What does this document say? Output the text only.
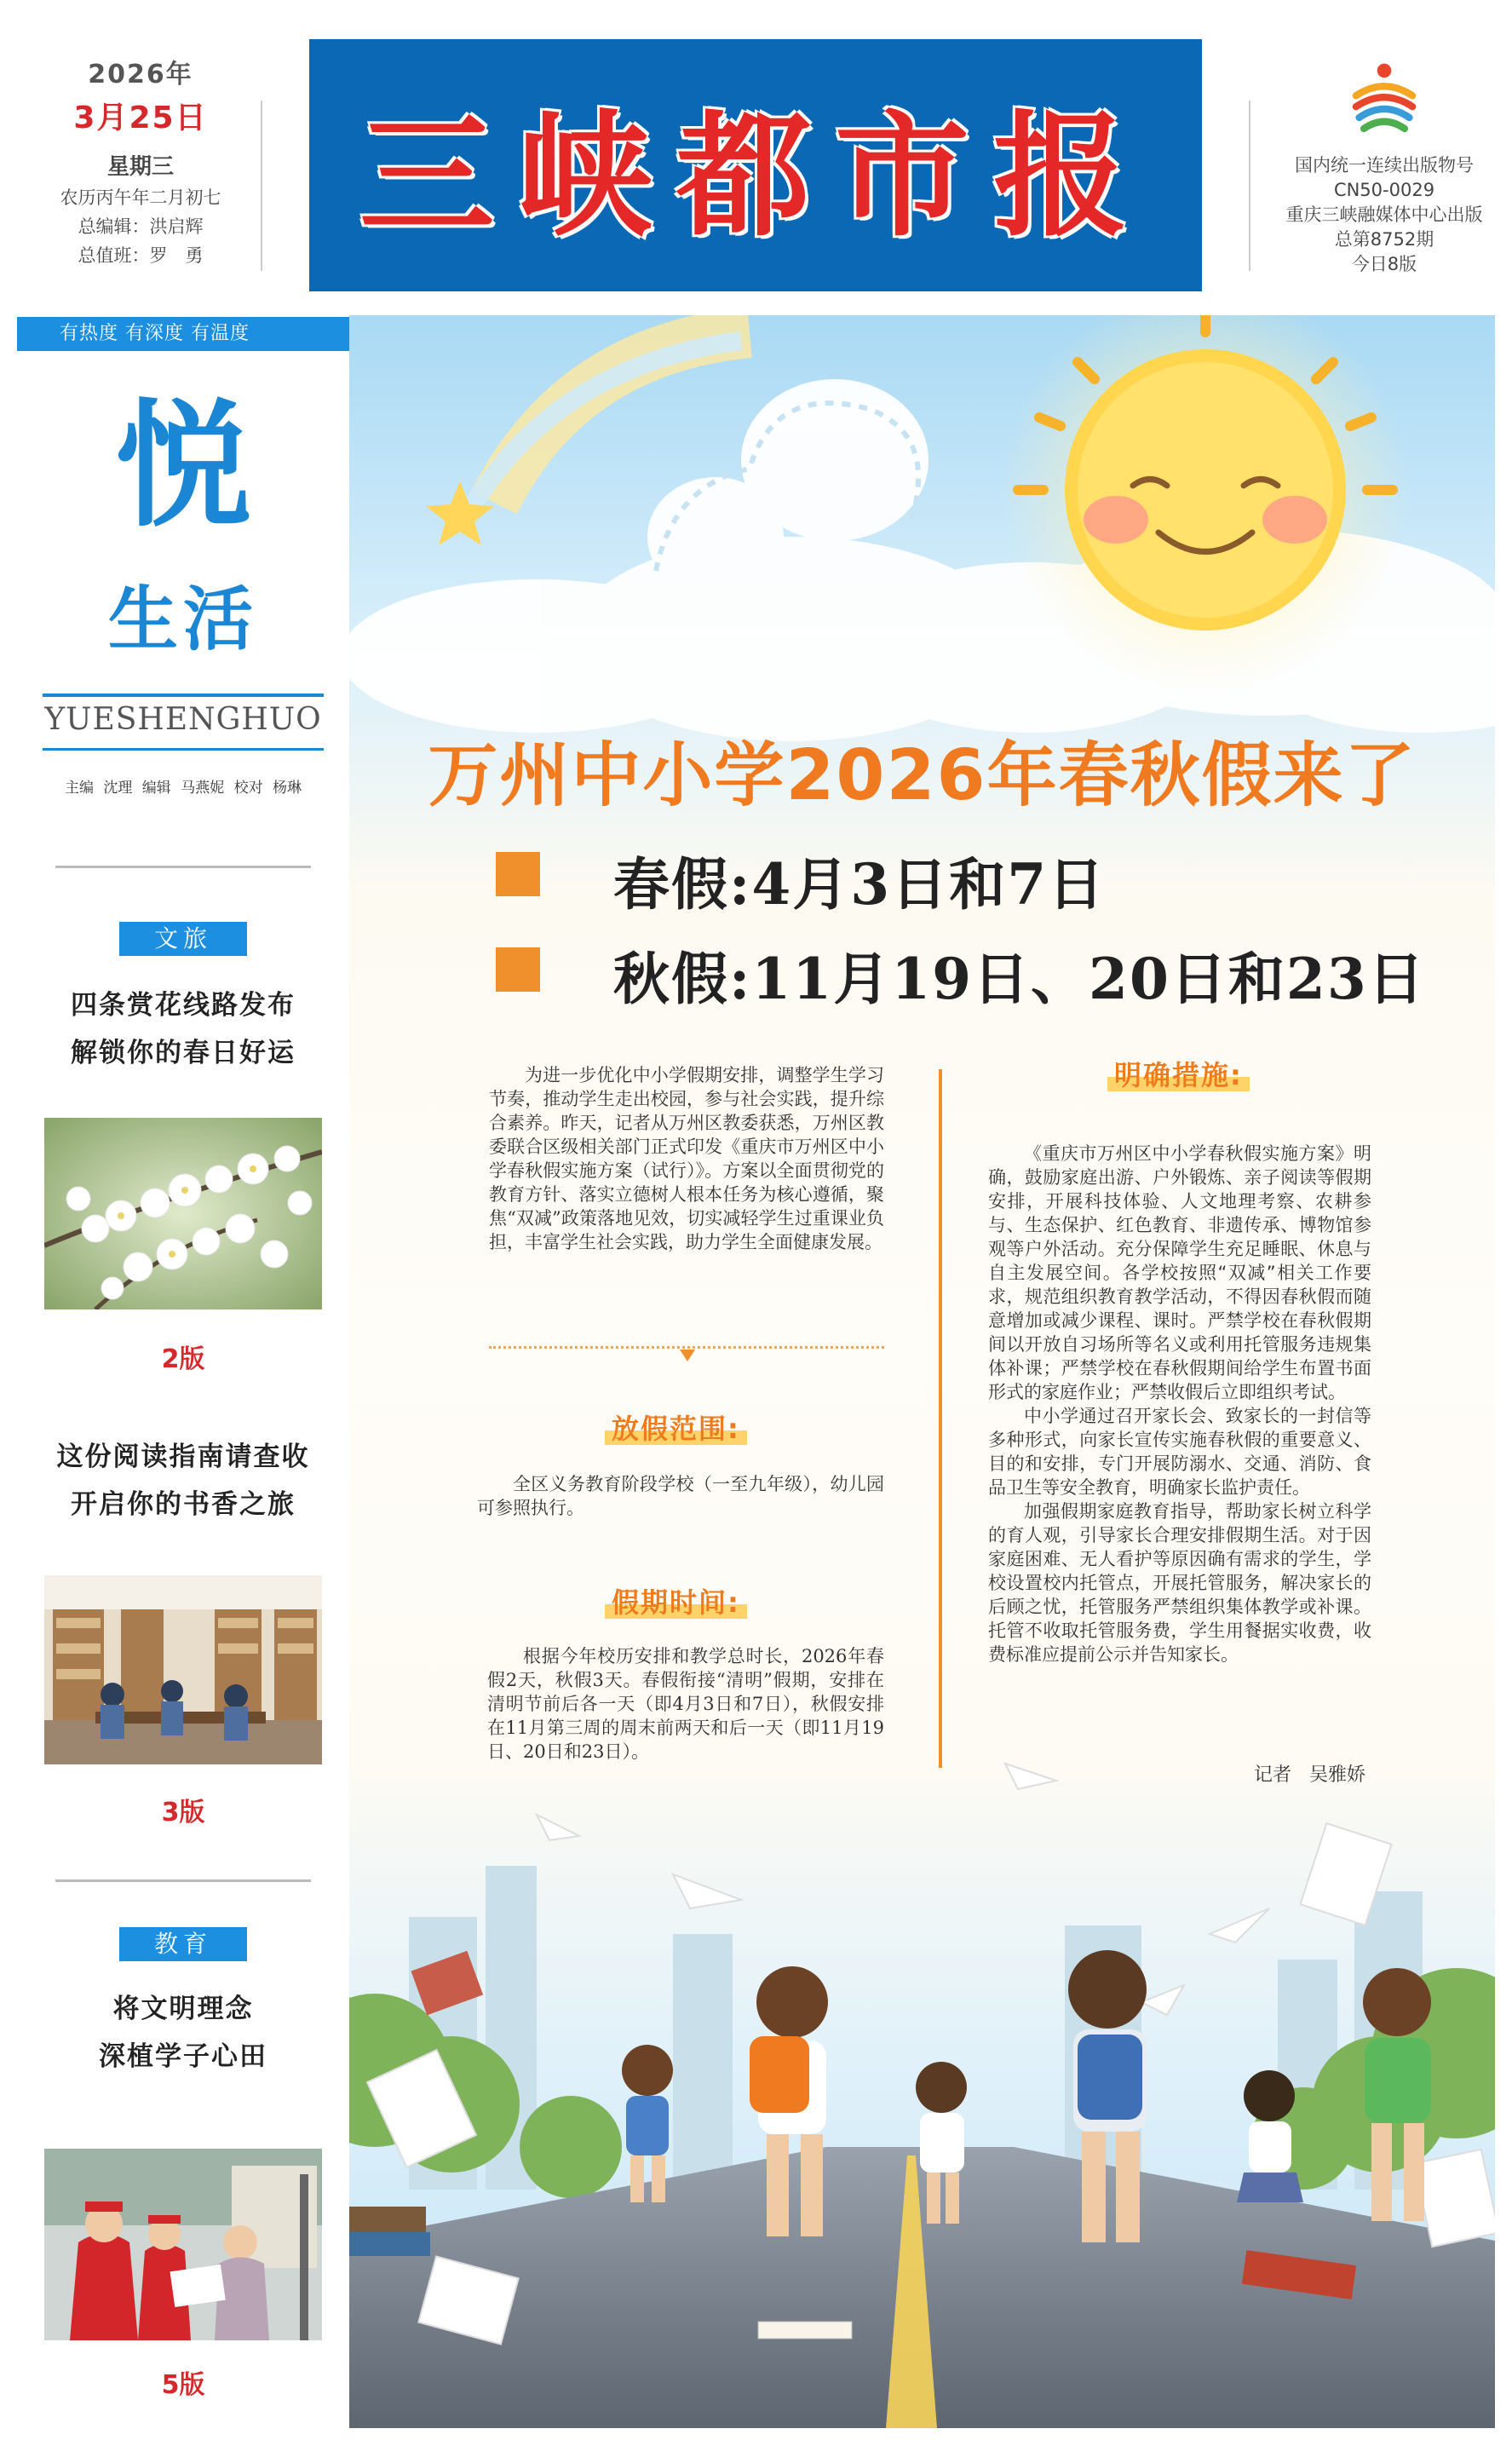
2026年
3月25日
星期三
农历丙午年二月初七
总编辑：洪启辉
总值班：罗　勇
三峡都市报	国内统一连续出版物号
CN50-0029
重庆三峡融媒体中心出版
总第8752期
今日8版
有热度 有深度 有温度
悦
生活
YUESHENGHUO
主编 沈理 编辑 马燕妮 校对 杨琳
文旅
四条赏花线路发布
解锁你的春日好运
2版
这份阅读指南请查收
开启你的书香之旅
3版
教育
将文明理念
深植学子心田
5版
万州中小学2026年春秋假来了
春假:4月3日和7日
秋假:11月19日、20日和23日
为进一步优化中小学假期安排，调整学生学习节奏，推动学生走出校园，参与社会实践，提升综合素养。昨天，记者从万州区教委获悉，万州区教委联合区级相关部门正式印发《重庆市万州区中小学春秋假实施方案（试行）》。方案以全面贯彻党的教育方针、落实立德树人根本任务为核心遵循，聚焦“双减”政策落地见效，切实减轻学生过重课业负担，丰富学生社会实践，助力学生全面健康发展。
放假范围:
全区义务教育阶段学校（一至九年级），幼儿园可参照执行。
假期时间:
根据今年校历安排和教学总时长，2026年春假2天，秋假3天。春假衔接“清明”假期，安排在清明节前后各一天（即4月3日和7日），秋假安排在11月第三周的周末前两天和后一天（即11月19日、20日和23日）。
明确措施:
《重庆市万州区中小学春秋假实施方案》明确，鼓励家庭出游、户外锻炼、亲子阅读等假期安排，开展科技体验、人文地理考察、农耕参与、生态保护、红色教育、非遗传承、博物馆参观等户外活动。充分保障学生充足睡眠、休息与自主发展空间。各学校按照“双减”相关工作要求，规范组织教育教学活动，不得因春秋假而随意增加或减少课程、课时。严禁学校在春秋假期间以开放自习场所等名义或利用托管服务违规集体补课；严禁学校在春秋假期间给学生布置书面形式的家庭作业；严禁收假后立即组织考试。
中小学通过召开家长会、致家长的一封信等多种形式，向家长宣传实施春秋假的重要意义、目的和安排，专门开展防溺水、交通、消防、食品卫生等安全教育，明确家长监护责任。
加强假期家庭教育指导，帮助家长树立科学的育人观，引导家长合理安排假期生活。对于因家庭困难、无人看护等原因确有需求的学生，学校设置校内托管点，开展托管服务，解决家长的后顾之忧，托管服务严禁组织集体教学或补课。托管不收取托管服务费，学生用餐据实收费，收费标准应提前公示并告知家长。
记者 吴雅娇
